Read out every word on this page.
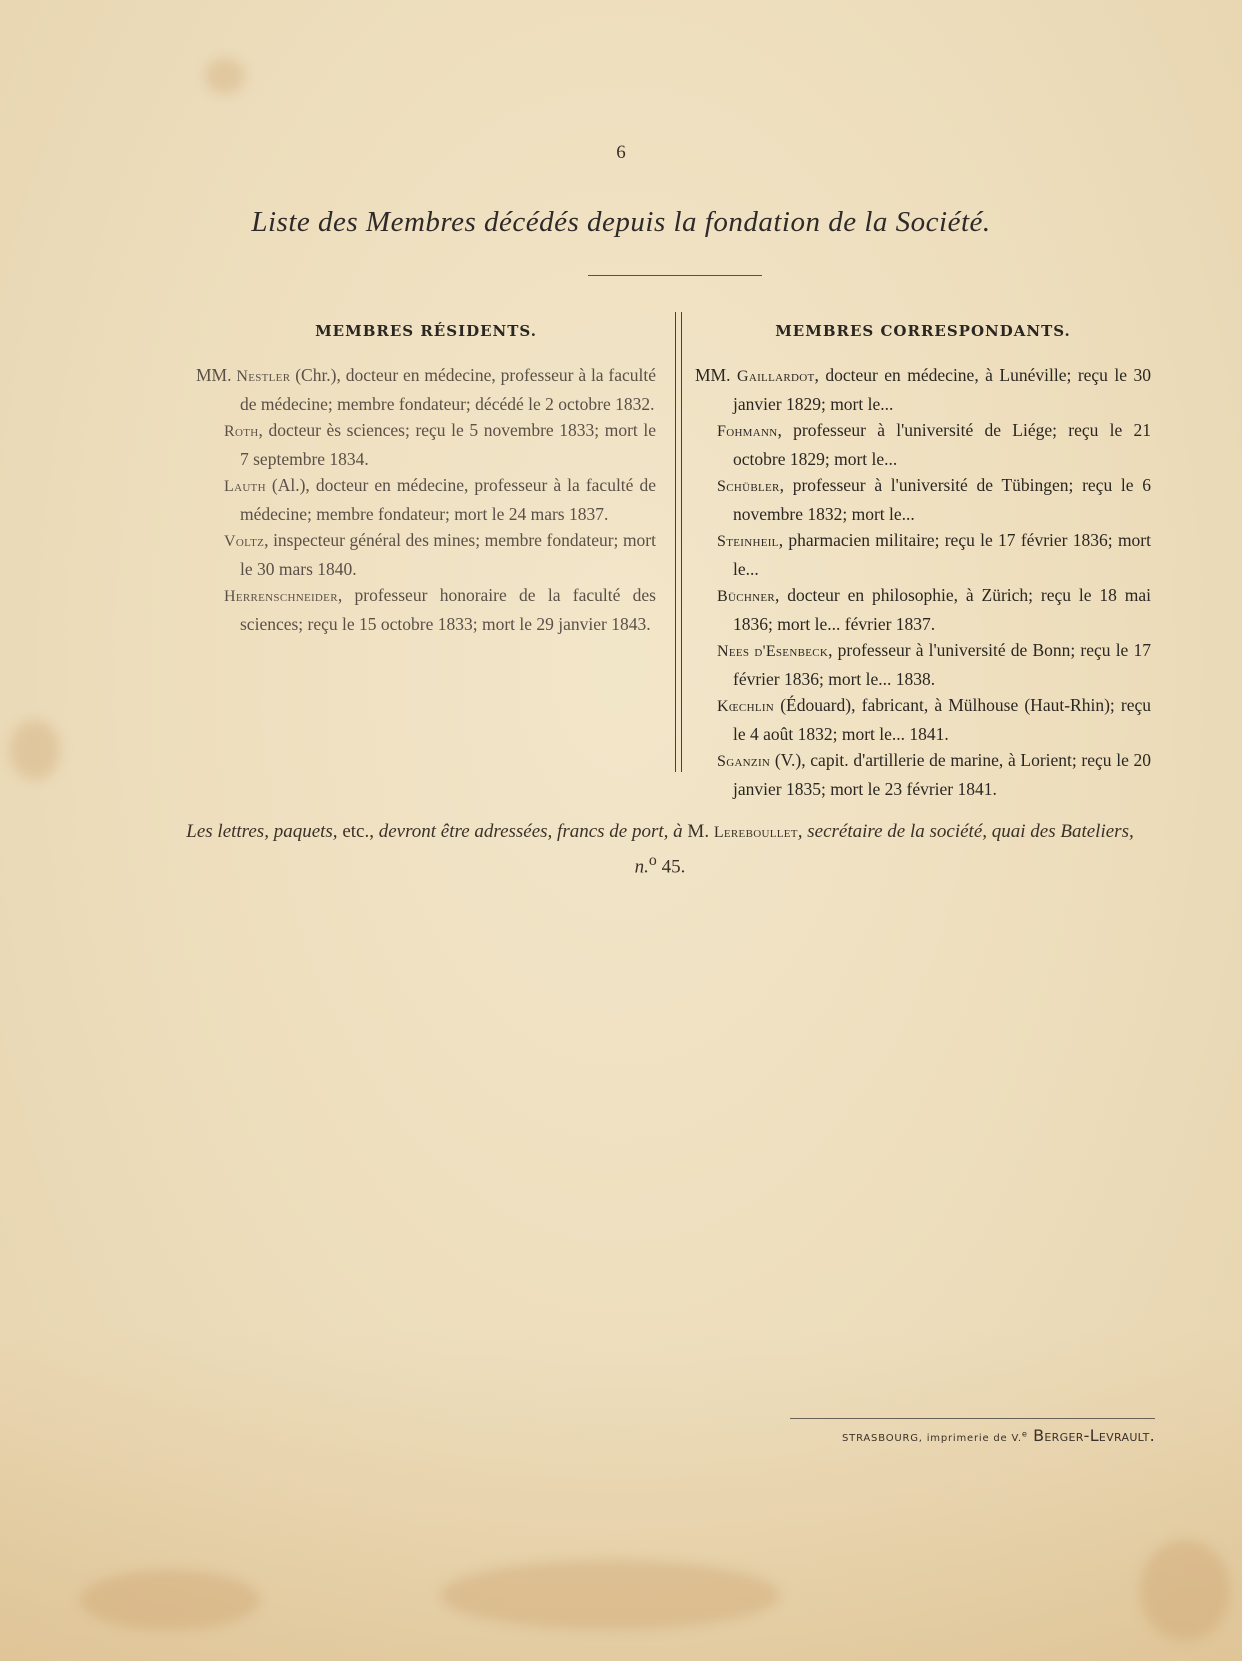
6
Liste des Membres décédés depuis la fondation de la Société.
MEMBRES RÉSIDENTS.

MM. Nestler (Chr.), docteur en médecine, professeur à la faculté de médecine; membre fondateur; décédé le 2 octobre 1832.

Roth, docteur ès sciences; reçu le 5 novembre 1833; mort le 7 septembre 1834.

Lauth (Al.), docteur en médecine, professeur à la faculté de médecine; membre fondateur; mort le 24 mars 1837.

Voltz, inspecteur général des mines; membre fondateur; mort le 30 mars 1840.

Herrenschneider, professeur honoraire de la faculté des sciences; reçu le 15 octobre 1833; mort le 29 janvier 1843.

MEMBRES CORRESPONDANTS.

MM. Gaillardot, docteur en médecine, à Lunéville; reçu le 30 janvier 1829; mort le...

Fohmann, professeur à l'université de Liége; reçu le 21 octobre 1829; mort le...

Schübler, professeur à l'université de Tübingen; reçu le 6 novembre 1832; mort le...

Steinheil, pharmacien militaire; reçu le 17 février 1836; mort le...

Büchner, docteur en philosophie, à Zürich; reçu le 18 mai 1836; mort le... février 1837.

Nees d'Esenbeck, professeur à l'université de Bonn; reçu le 17 février 1836; mort le... 1838.

Kœchlin (Édouard), fabricant, à Mülhouse (Haut-Rhin); reçu le 4 août 1832; mort le... 1841.

Sganzin (V.), capit. d'artillerie de marine, à Lorient; reçu le 20 janvier 1835; mort le 23 février 1841.

Les lettres, paquets, etc., devront être adressées, francs de port, à M. Lereboullet, secrétaire de la société, quai des Bateliers, n.$^o$ 45.
STRASBOURG, imprimerie de V.$^e$ Berger-Levrault.
